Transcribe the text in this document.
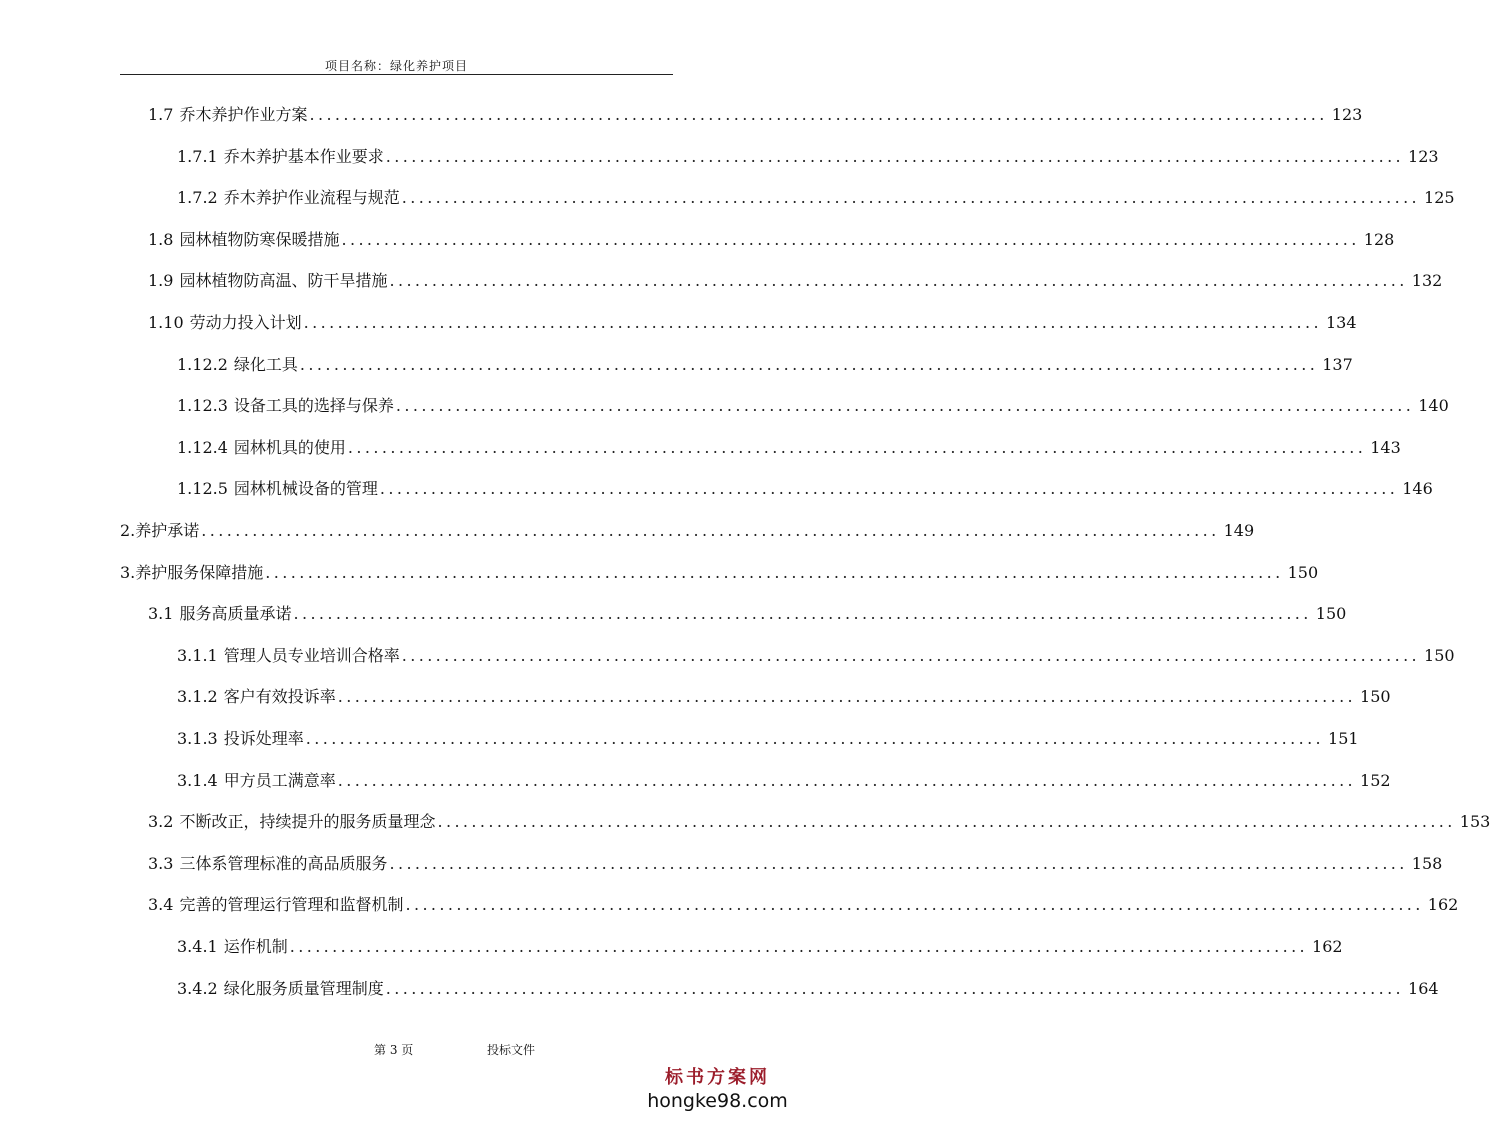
项目名称：绿化养护项目
1.7 乔木养护作业方案 ........................................................................................................................ 123
1.7.1 乔木养护基本作业要求 ........................................................................................................................ 123
1.7.2 乔木养护作业流程与规范 ........................................................................................................................ 125
1.8 园林植物防寒保暖措施 ........................................................................................................................ 128
1.9 园林植物防高温、防干旱措施 ........................................................................................................................ 132
1.10 劳动力投入计划 ........................................................................................................................ 134
1.12.2 绿化工具 ........................................................................................................................ 137
1.12.3 设备工具的选择与保养 ........................................................................................................................ 140
1.12.4 园林机具的使用 ........................................................................................................................ 143
1.12.5 园林机械设备的管理 ........................................................................................................................ 146
2.养护承诺 ........................................................................................................................ 149
3.养护服务保障措施 ........................................................................................................................ 150
3.1 服务高质量承诺 ........................................................................................................................ 150
3.1.1 管理人员专业培训合格率 ........................................................................................................................ 150
3.1.2 客户有效投诉率 ........................................................................................................................ 150
3.1.3 投诉处理率 ........................................................................................................................ 151
3.1.4 甲方员工满意率 ........................................................................................................................ 152
3.2 不断改正，持续提升的服务质量理念 ........................................................................................................................ 153
3.3 三体系管理标准的高品质服务 ........................................................................................................................ 158
3.4 完善的管理运行管理和监督机制 ........................................................................................................................ 162
3.4.1 运作机制 ........................................................................................................................ 162
3.4.2 绿化服务质量管理制度 ........................................................................................................................ 164
第 3 页	投标文件
标书方案网
hongke98.com
